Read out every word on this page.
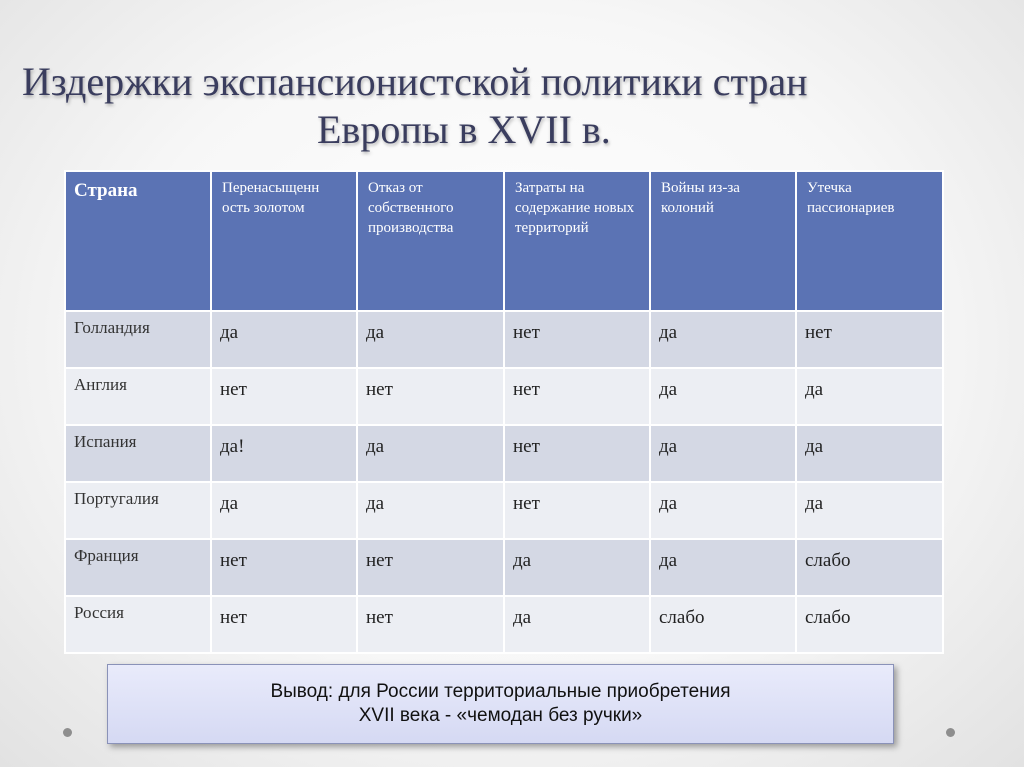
Издержки экспансионистской политики стран
Европы в XVII в.
Страна	Перенасыщенн ость золотом	Отказ от собственного производства	Затраты на содержание новых территорий	Войны из-за колоний	Утечка пассионариев
Голландия	да	да	нет	да	нет
Англия	нет	нет	нет	да	да
Испания	да!	да	нет	да	да
Португалия	да	да	нет	да	да
Франция	нет	нет	да	да	слабо
Россия	нет	нет	да	слабо	слабо
Вывод: для России территориальные приобретения
XVII века - «чемодан без ручки»
